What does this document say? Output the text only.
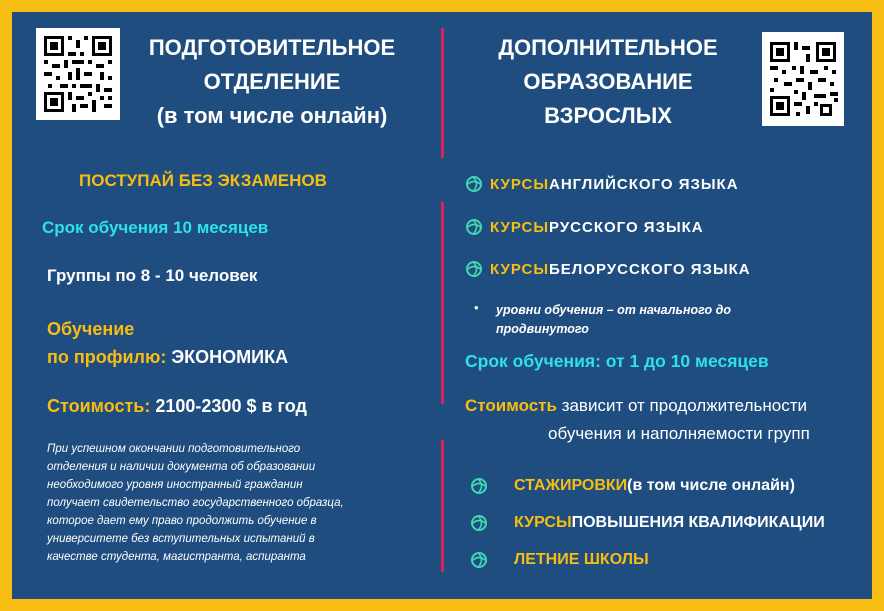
ПОДГОТОВИТЕЛЬНОЕ
ОТДЕЛЕНИЕ
(в том числе онлайн)
ПОСТУПАЙ БЕЗ ЭКЗАМЕНОВ
Срок обучения 10 месяцев
Группы по 8 - 10 человек
Обучение
по профилю: ЭКОНОМИКА
Стоимость: 2100-2300 $ в год
При успешном окончании подготовительного
отделения и наличии документа об образовании
необходимого уровня иностранный гражданин
получает свидетельство государственного образца,
которое дает ему право продолжить обучение в
университете без вступительных испытаний в
качестве студента, магистранта, аспиранта
ДОПОЛНИТЕЛЬНОЕ
ОБРАЗОВАНИЕ
ВЗРОСЛЫХ
КУРСЫ АНГЛИЙСКОГО ЯЗЫКА
КУРСЫ РУССКОГО ЯЗЫКА
КУРСЫ БЕЛОРУССКОГО ЯЗЫКА
• уровни обучения – от начального до
продвинутого
Срок обучения: от 1 до 10 месяцев
Стоимость зависит от продолжительности
обучения и наполняемости групп
СТАЖИРОВКИ (в том числе онлайн)
КУРСЫ ПОВЫШЕНИЯ КВАЛИФИКАЦИИ
ЛЕТНИЕ ШКОЛЫ
